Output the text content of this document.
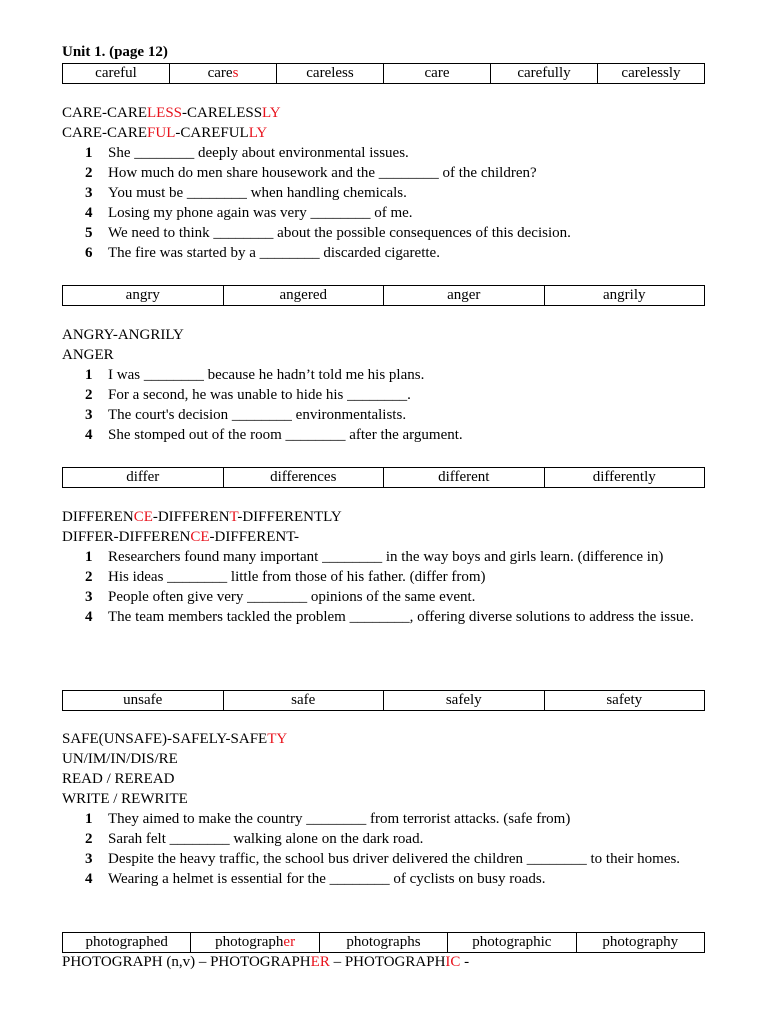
Unit 1. (page 12)
careful	cares	careless	care	carefully	carelessly
CARE-CARELESS-CARELESSLY
CARE-CAREFUL-CAREFULLY
1	She ________ deeply about environmental issues.
2	How much do men share housework and the ________ of the children?
3	You must be ________ when handling chemicals.
4	Losing my phone again was very ________ of me.
5	We need to think ________ about the possible consequences of this decision.
6	The fire was started by a ________ discarded cigarette.
angry	angered	anger	angrily
ANGRY-ANGRILY
ANGER
1	I was ________ because he hadn’t told me his plans.
2	For a second, he was unable to hide his ________.
3	The court's decision ________ environmentalists.
4	She stomped out of the room ________ after the argument.
differ	differences	different	differently
DIFFERENCE-DIFFERENT-DIFFERENTLY
DIFFER-DIFFERENCE-DIFFERENT-
1	Researchers found many important ________ in the way boys and girls learn. (difference in)
2	His ideas ________ little from those of his father. (differ from)
3	People often give very ________ opinions of the same event.
4	The team members tackled the problem ________, offering diverse solutions to address the issue.
unsafe	safe	safely	safety
SAFE(UNSAFE)-SAFELY-SAFETY
UN/IM/IN/DIS/RE
READ / REREAD
WRITE / REWRITE
1	They aimed to make the country ________ from terrorist attacks. (safe from)
2	Sarah felt ________ walking alone on the dark road.
3	Despite the heavy traffic, the school bus driver delivered the children ________ to their homes.
4	Wearing a helmet is essential for the ________ of cyclists on busy roads.
photographed	photographer	photographs	photographic	photography
PHOTOGRAPH (n,v) – PHOTOGRAPHER – PHOTOGRAPHIC -
